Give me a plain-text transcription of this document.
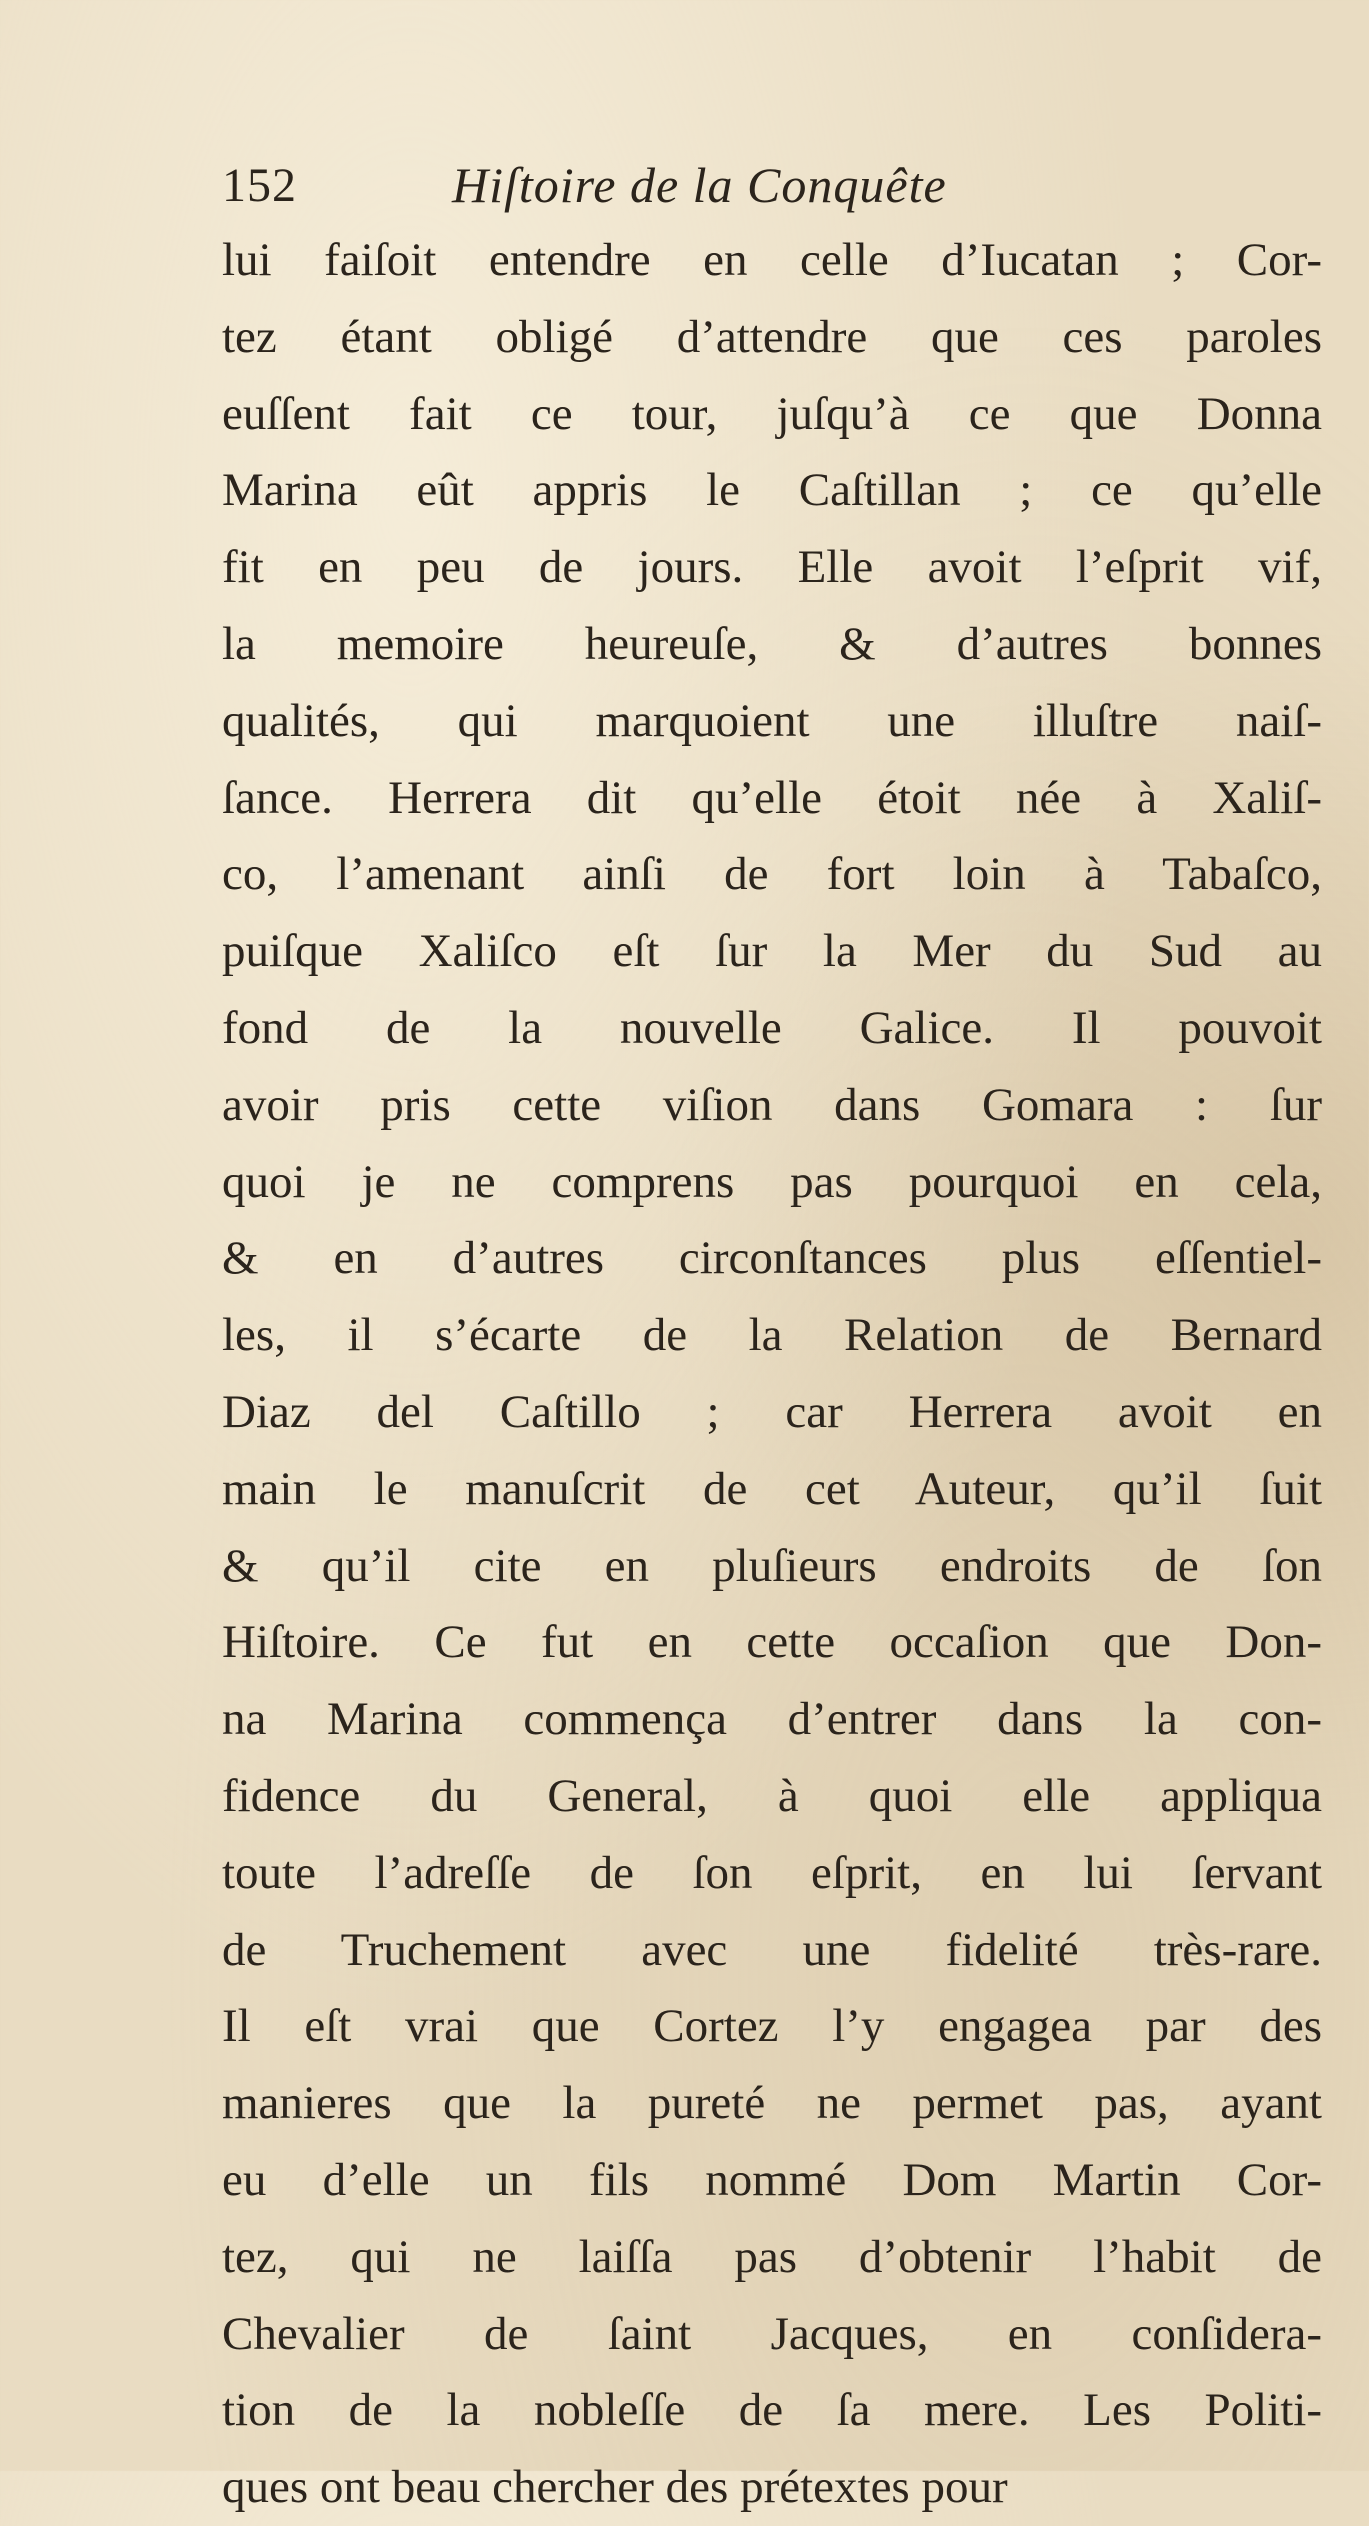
152	Hiſtoire de la Conquête
lui faiſoit entendre en celle d’Iucatan ; Cor-
tez étant obligé d’attendre que ces paroles
euſſent fait ce tour, juſqu’à ce que Donna
Marina eût appris le Caſtillan ; ce qu’elle
fit en peu de jours. Elle avoit l’eſprit vif,
la memoire heureuſe, & d’autres bonnes
qualités, qui marquoient une illuſtre naiſ-
ſance. Herrera dit qu’elle étoit née à Xaliſ-
co, l’amenant ainſi de fort loin à Tabaſco,
puiſque Xaliſco eſt ſur la Mer du Sud au
fond de la nouvelle Galice. Il pouvoit
avoir pris cette viſion dans Gomara : ſur
quoi je ne comprens pas pourquoi en cela,
& en d’autres circonſtances plus eſſentiel-
les, il s’écarte de la Relation de Bernard
Diaz del Caſtillo ; car Herrera avoit en
main le manuſcrit de cet Auteur, qu’il ſuit
& qu’il cite en pluſieurs endroits de ſon
Hiſtoire. Ce fut en cette occaſion que Don-
na Marina commença d’entrer dans la con-
fidence du General, à quoi elle appliqua
toute l’adreſſe de ſon eſprit, en lui ſervant
de Truchement avec une fidelité très-rare.
Il eſt vrai que Cortez l’y engagea par des
manieres que la pureté ne permet pas, ayant
eu d’elle un fils nommé Dom Martin Cor-
tez, qui ne laiſſa pas d’obtenir l’habit de
Chevalier de ſaint Jacques, en conſidera-
tion de la nobleſſe de ſa mere. Les Politi-
ques ont beau chercher des prétextes pour
